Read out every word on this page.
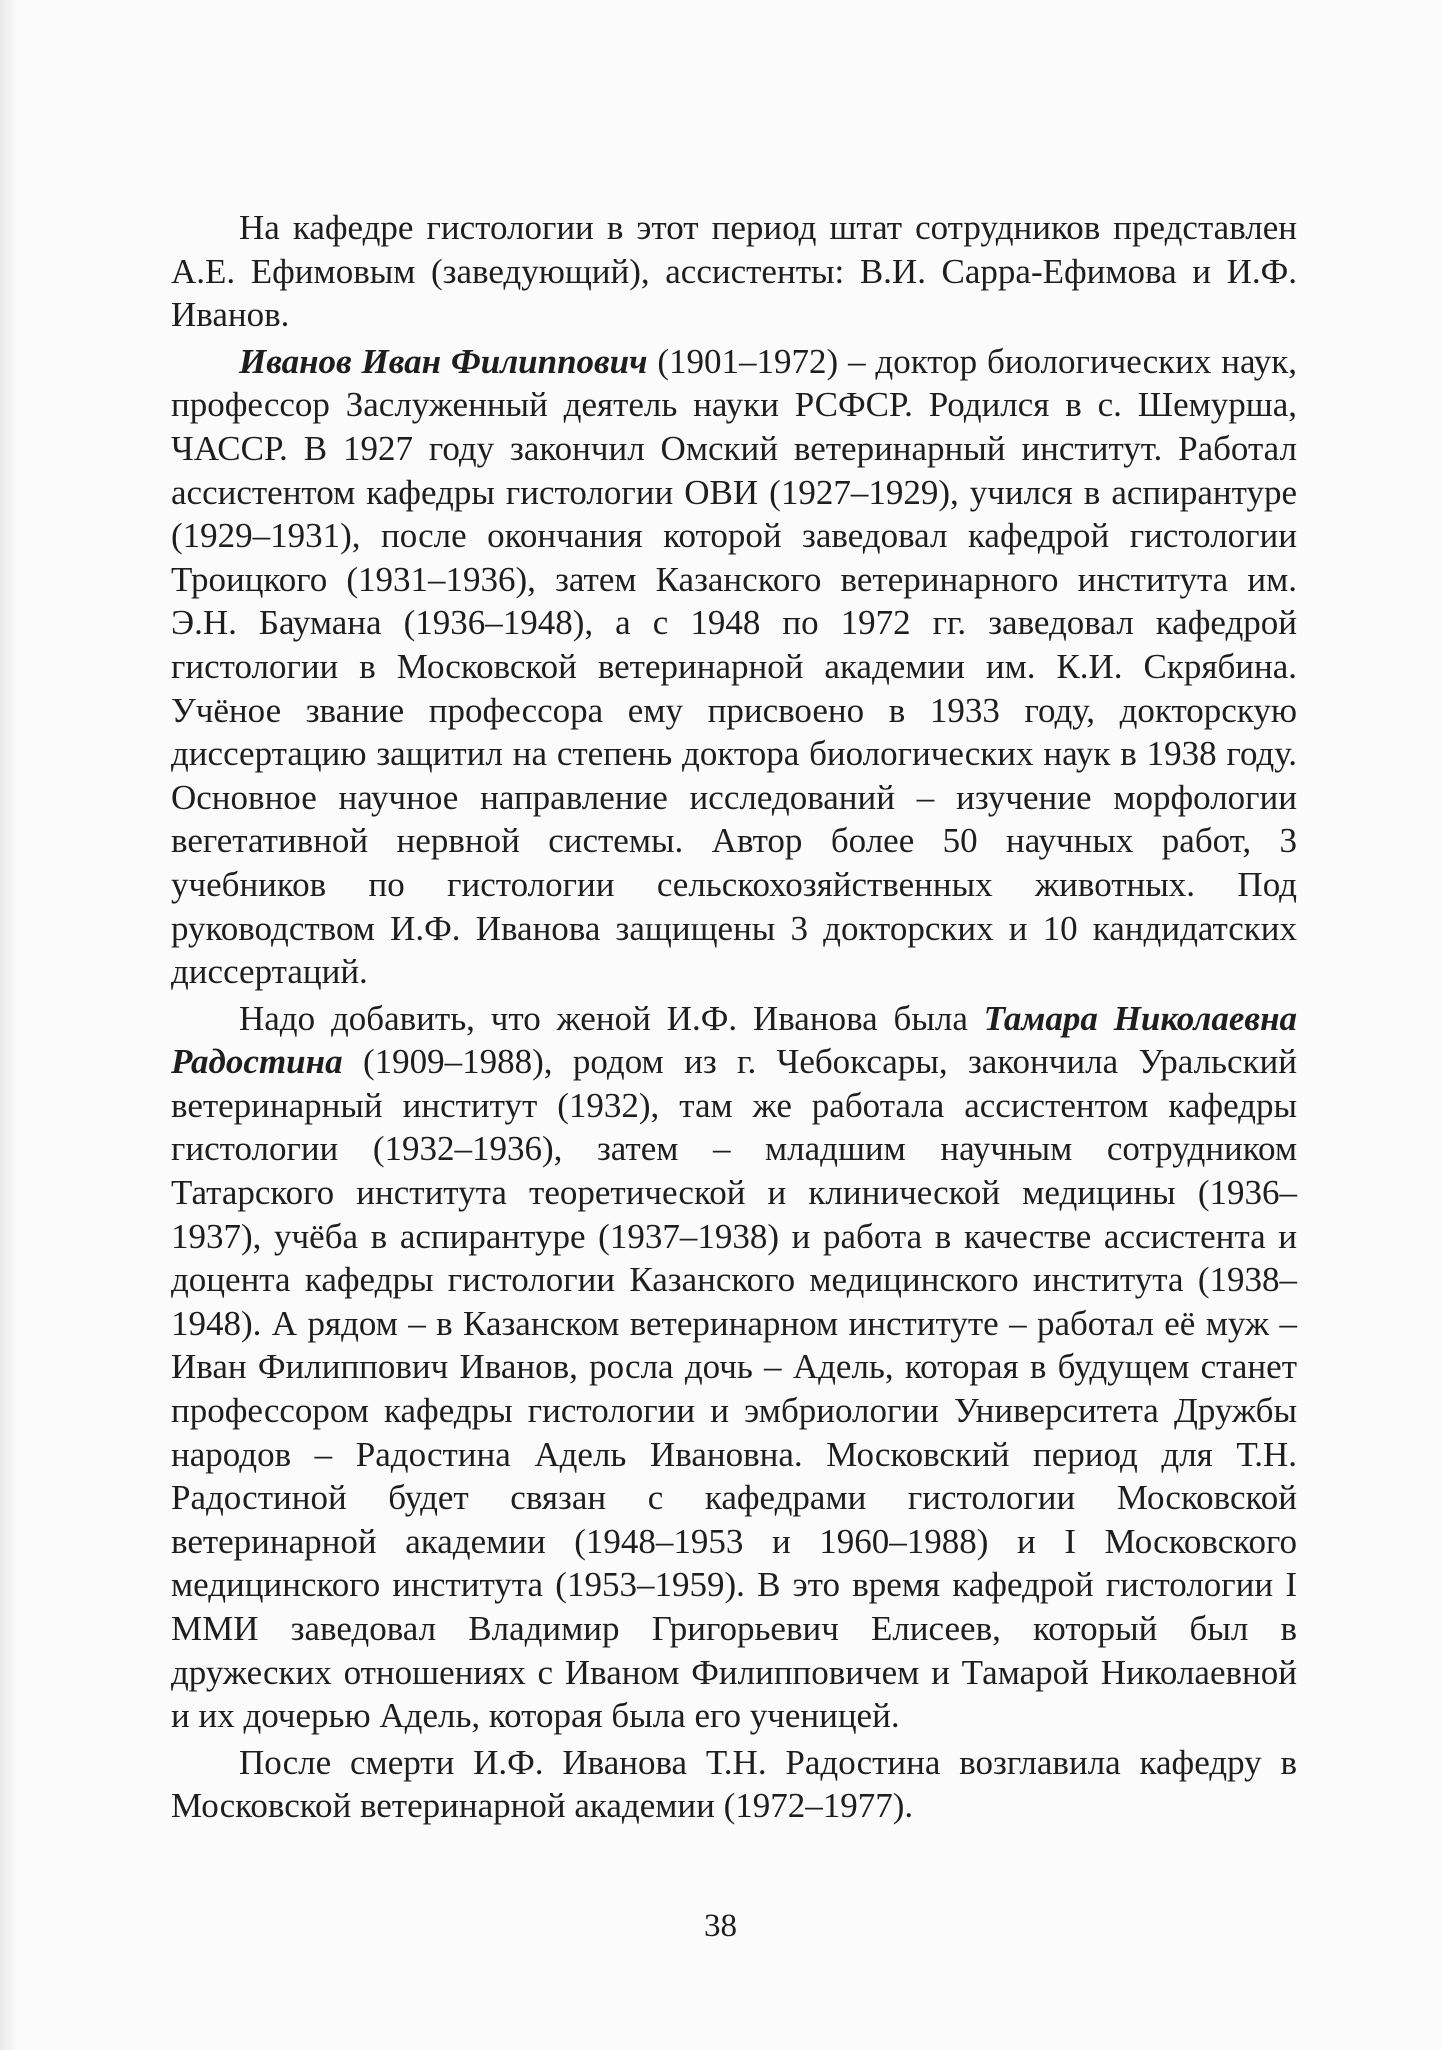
На кафедре гистологии в этот период штат сотрудников представлен А.Е. Ефимовым (заведующий), ассистенты: В.И. Сарра-Ефимова и И.Ф. Иванов.

Иванов Иван Филиппович (1901–1972) – доктор биологических наук, профессор Заслуженный деятель науки РСФСР. Родился в с. Шемурша, ЧАССР. В 1927 году закончил Омский ветеринарный институт. Работал ассистентом кафедры гистологии ОВИ (1927–1929), учился в аспирантуре (1929–1931), после окончания которой заведовал кафедрой гистологии Троицкого (1931–1936), затем Казанского ветеринарного института им. Э.Н. Баумана (1936–1948), а с 1948 по 1972 гг. заведовал кафедрой гистологии в Московской ветеринарной академии им. К.И. Скрябина. Учёное звание профессора ему присвоено в 1933 году, докторскую диссертацию защитил на степень доктора биологических наук в 1938 году. Основное научное направление исследований – изучение морфологии вегетативной нервной системы. Автор более 50 научных работ, 3 учебников по гистологии сельскохозяйственных животных. Под руководством И.Ф. Иванова защищены 3 докторских и 10 кандидатских диссертаций.

Надо добавить, что женой И.Ф. Иванова была Тамара Николаевна Радостина (1909–1988), родом из г. Чебоксары, закончила Уральский ветеринарный институт (1932), там же работала ассистентом кафедры гистологии (1932–1936), затем – младшим научным сотрудником Татарского института теоретической и клинической медицины (1936–1937), учёба в аспирантуре (1937–1938) и работа в качестве ассистента и доцента кафедры гистологии Казанского медицинского института (1938–1948). А рядом – в Казанском ветеринарном институте – работал её муж – Иван Филиппович Иванов, росла дочь – Адель, которая в будущем станет профессором кафедры гистологии и эмбриологии Университета Дружбы народов – Радостина Адель Ивановна. Московский период для Т.Н. Радостиной будет связан с кафедрами гистологии Московской ветеринарной академии (1948–1953 и 1960–1988) и I Московского медицинского института (1953–1959). В это время кафедрой гистологии I ММИ заведовал Владимир Григорьевич Елисеев, который был в дружеских отношениях с Иваном Филипповичем и Тамарой Николаевной и их дочерью Адель, которая была его ученицей.

После смерти И.Ф. Иванова Т.Н. Радостина возглавила кафедру в Московской ветеринарной академии (1972–1977).

38
